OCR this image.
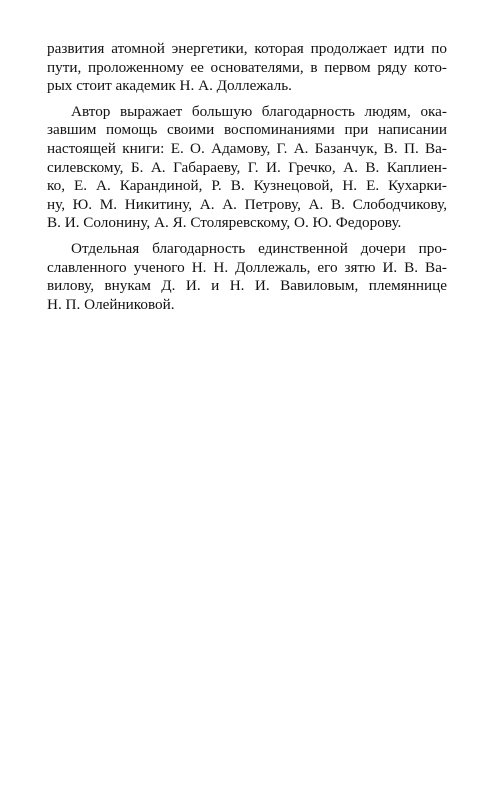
развития атомной энергетики, которая продолжает идти по
пути, проложенному ее основателями, в первом ряду кото-
рых стоит академик Н. А. Доллежаль.
Автор выражает большую благодарность людям, ока-
завшим помощь своими воспоминаниями при написании
настоящей книги: Е. О. Адамову, Г. А. Базанчук, В. П. Ва-
силевскому, Б. А. Габараеву, Г. И. Гречко, А. В. Каплиен-
ко, Е. А. Карандиной, Р. В. Кузнецовой, Н. Е. Кухарки-
ну, Ю. М. Никитину, А. А. Петрову, А. В. Слободчикову,
В. И. Солонину, А. Я. Столяревскому, О. Ю. Федорову.
Отдельная благодарность единственной дочери про-
славленного ученого Н. Н. Доллежаль, его зятю И. В. Ва-
вилову, внукам Д. И. и Н. И. Вавиловым, племяннице
Н. П. Олейниковой.
